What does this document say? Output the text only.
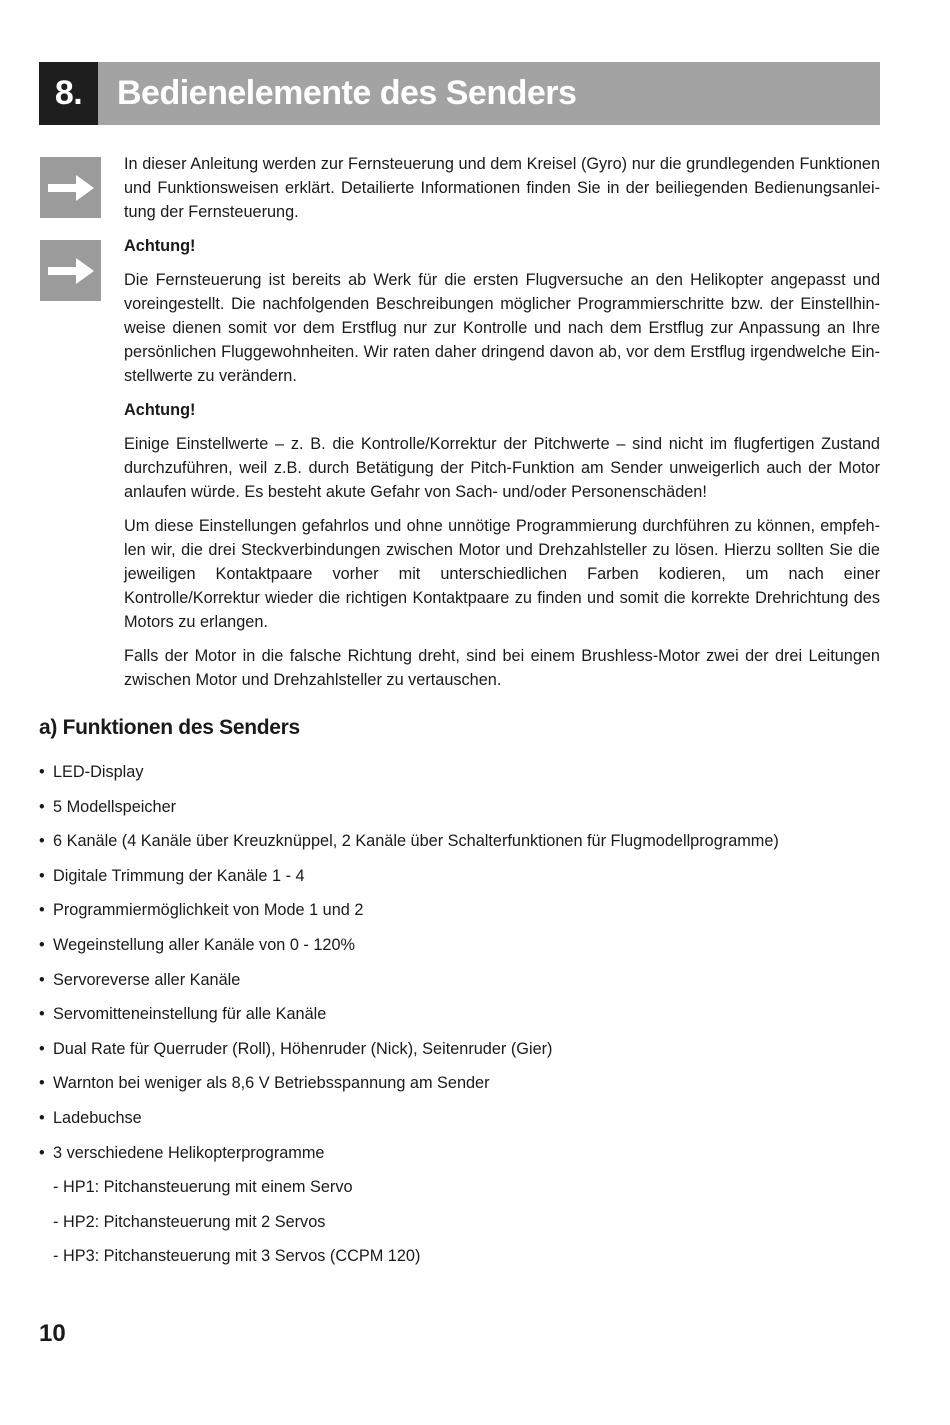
8.	Bedienelemente des Senders

In dieser Anleitung werden zur Fernsteuerung und dem Kreisel (Gyro) nur die grundlegenden Funktionen und Funktionsweisen erklärt. Detailierte Informationen finden Sie in der beiliegenden Bedienungsanleitung der Fernsteuerung.

Achtung!

Die Fernsteuerung ist bereits ab Werk für die ersten Flugversuche an den Helikopter angepasst und voreingestellt. Die nachfolgenden Beschreibungen möglicher Programmierschritte bzw. der Einstellhinweise dienen somit vor dem Erstflug nur zur Kontrolle und nach dem Erstflug zur Anpassung an Ihre persönlichen Fluggewohnheiten. Wir raten daher dringend davon ab, vor dem Erstflug irgendwelche Einstellwerte zu verändern.

Achtung!

Einige Einstellwerte – z. B. die Kontrolle/Korrektur der Pitchwerte – sind nicht im flugfertigen Zustand durchzuführen, weil z.B. durch Betätigung der Pitch-Funktion am Sender unweigerlich auch der Motor anlaufen würde. Es besteht akute Gefahr von Sach- und/oder Personenschäden!

Um diese Einstellungen gefahrlos und ohne unnötige Programmierung durchführen zu können, empfehlen wir, die drei Steckverbindungen zwischen Motor und Drehzahlsteller zu lösen. Hierzu sollten Sie die jeweiligen Kontaktpaare vorher mit unterschiedlichen Farben kodieren, um nach einer Kontrolle/Korrektur wieder die richtigen Kontaktpaare zu finden und somit die korrekte Drehrichtung des Motors zu erlangen.

Falls der Motor in die falsche Richtung dreht, sind bei einem Brushless-Motor zwei der drei Leitungen zwischen Motor und Drehzahlsteller zu vertauschen.

a) Funktionen des Senders
• LED-Display
• 5 Modellspeicher
• 6 Kanäle (4 Kanäle über Kreuzknüppel, 2 Kanäle über Schalterfunktionen für Flugmodellprogramme)
• Digitale Trimmung der Kanäle 1 - 4
• Programmiermöglichkeit von Mode 1 und 2
• Wegeinstellung aller Kanäle von 0 - 120%
• Servoreverse aller Kanäle
• Servomitteneinstellung für alle Kanäle
• Dual Rate für Querruder (Roll), Höhenruder (Nick), Seitenruder (Gier)
• Warnton bei weniger als 8,6 V Betriebsspannung am Sender
• Ladebuchse
• 3 verschiedene Helikopterprogramme
- HP1: Pitchansteuerung mit einem Servo
- HP2: Pitchansteuerung mit 2 Servos
- HP3: Pitchansteuerung mit 3 Servos (CCPM 120)
10
